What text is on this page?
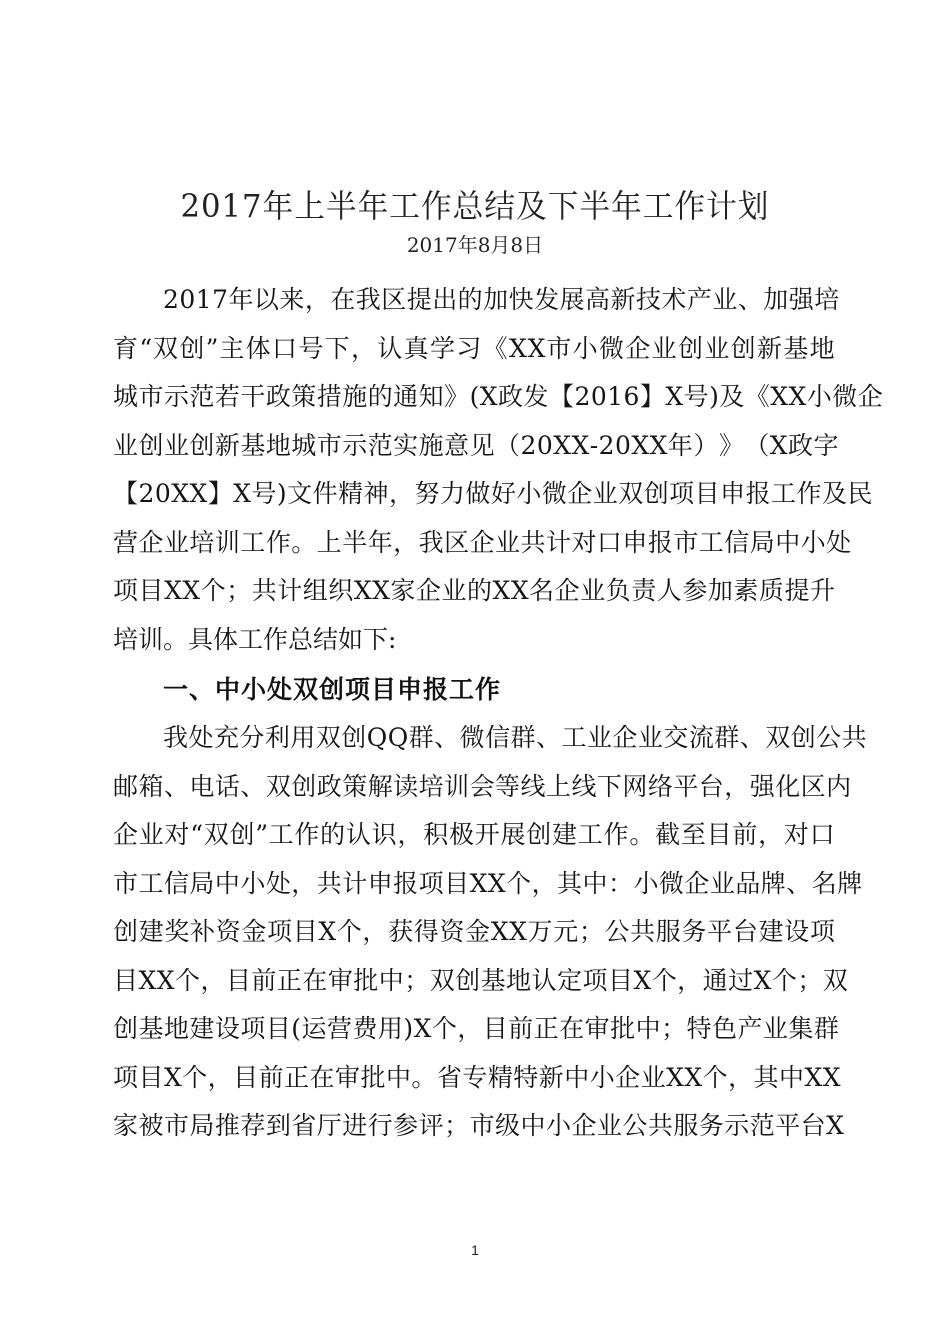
2017年上半年工作总结及下半年工作计划
2017年8月8日
2 0 1 7 年 以 来 ， 在 我 区 提 出 的 加 快 发 展 高 新 技 术 产 业 、 加 强 培
育 “ 双 创 ” 主 体 口 号 下 ， 认 真 学 习 《 X X 市 小 微 企 业 创 业 创 新 基 地
城 市 示 范 若 干 政 策 措 施 的 通 知 》 ( X 政 发 【 2 0 1 6 】 X 号 ) 及 《 X X 小 微 企
业 创 业 创 新 基 地 城 市 示 范 实 施 意 见 （ 2 0 X X - 2 0 X X 年 ） 》 （ X 政 字
【 2 0 X X 】 X 号 ) 文 件 精 神 ， 努 力 做 好 小 微 企 业 双 创 项 目 申 报 工 作 及 民
营 企 业 培 训 工 作 。 上 半 年 ， 我 区 企 业 共 计 对 口 申 报 市 工 信 局 中 小 处
项 目 X X 个 ； 共 计 组 织 X X 家 企 业 的 X X 名 企 业 负 责 人 参 加 素 质 提 升
培训。具体工作总结如下:
一、中小处双创项目申报工作
我 处 充 分 利 用 双 创 Q Q 群 、 微 信 群 、 工 业 企 业 交 流 群 、 双 创 公 共
邮 箱 、 电 话 、 双 创 政 策 解 读 培 训 会 等 线 上 线 下 网 络 平 台 ， 强 化 区 内
企 业 对 “ 双 创 ” 工 作 的 认 识 ， 积 极 开 展 创 建 工 作 。 截 至 目 前 ， 对 口
市 工 信 局 中 小 处 ， 共 计 申 报 项 目 X X 个 ， 其 中 ： 小 微 企 业 品 牌 、 名 牌
创 建 奖 补 资 金 项 目 X 个 ， 获 得 资 金 X X 万 元 ； 公 共 服 务 平 台 建 设 项
目 X X 个 ， 目 前 正 在 审 批 中 ； 双 创 基 地 认 定 项 目 X 个 ， 通 过 X 个 ； 双
创 基 地 建 设 项 目 ( 运 营 费 用 ) X 个 ， 目 前 正 在 审 批 中 ； 特 色 产 业 集 群
项 目 X 个 ， 目 前 正 在 审 批 中 。 省 专 精 特 新 中 小 企 业 X X 个 ， 其 中 X X
家 被 市 局 推 荐 到 省 厅 进 行 参 评 ； 市 级 中 小 企 业 公 共 服 务 示 范 平 台 X
1
